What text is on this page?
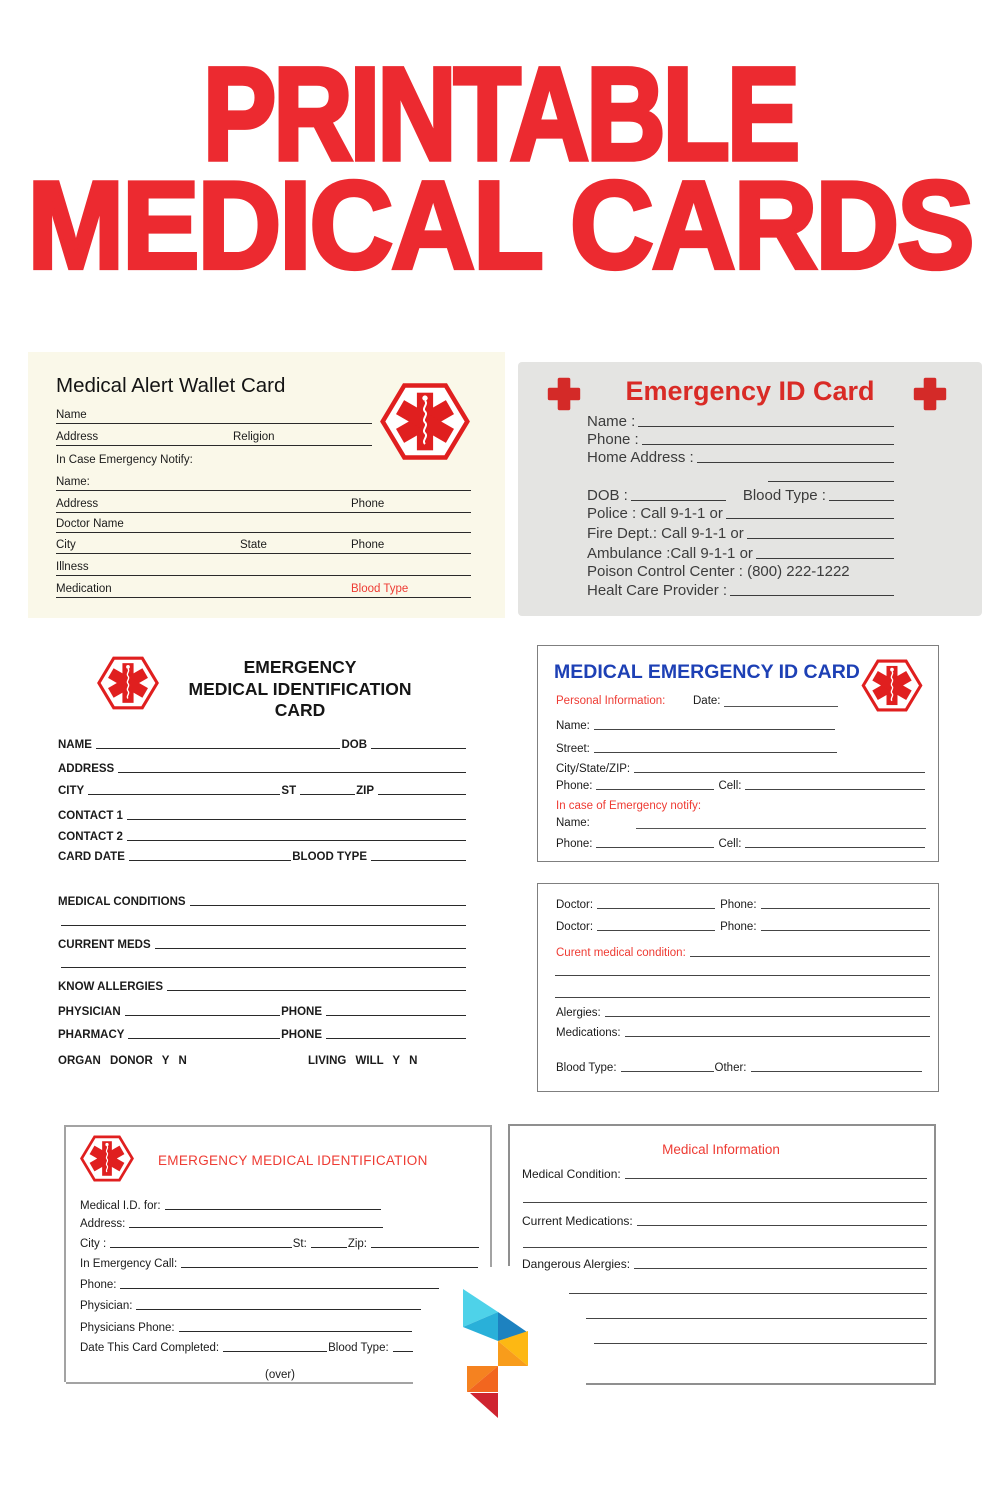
PRINTABLE
MEDICAL CARDS
Medical Alert Wallet Card
Name
Address	Religion
In Case Emergency Notify:
Name:
Address	Phone
Doctor Name
City	State	Phone
Illness
Medication	Blood Type
Emergency ID Card
Name :
Phone :
Home Address :
DOB :	Blood Type :
Police : Call 9-1-1 or
Fire Dept.: Call 9-1-1 or
Ambulance :Call 9-1-1 or
Poison Control Center : (800) 222-1222
Healt Care Provider :
EMERGENCY
MEDICAL IDENTIFICATION
CARD
NAME	DOB
ADDRESS
CITY	ST	ZIP
CONTACT 1
CONTACT 2
CARD DATE	BLOOD TYPE
MEDICAL CONDITIONS
CURRENT MEDS
KNOW ALLERGIES
PHYSICIAN	PHONE
PHARMACY	PHONE
ORGAN DONOR Y N	LIVING WILL Y N
MEDICAL EMERGENCY ID CARD
Personal Information: Date:
Name:
Street:
City/State/ZIP:
Phone:	Cell:
In case of Emergency notify:
Name:
Phone:	Cell:
Doctor:	Phone:
Doctor:	Phone:
Curent medical condition:
Alergies:
Medications:
Blood Type:	Other:
EMERGENCY MEDICAL IDENTIFICATION
Medical I.D. for:
Address:
City :	St:	Zip:
In Emergency Call:
Phone:
Physician:
Physicians Phone:
Date This Card Completed:	Blood Type:
(over)
Medical Information
Medical Condition:
Current Medications:
Dangerous Alergies:
